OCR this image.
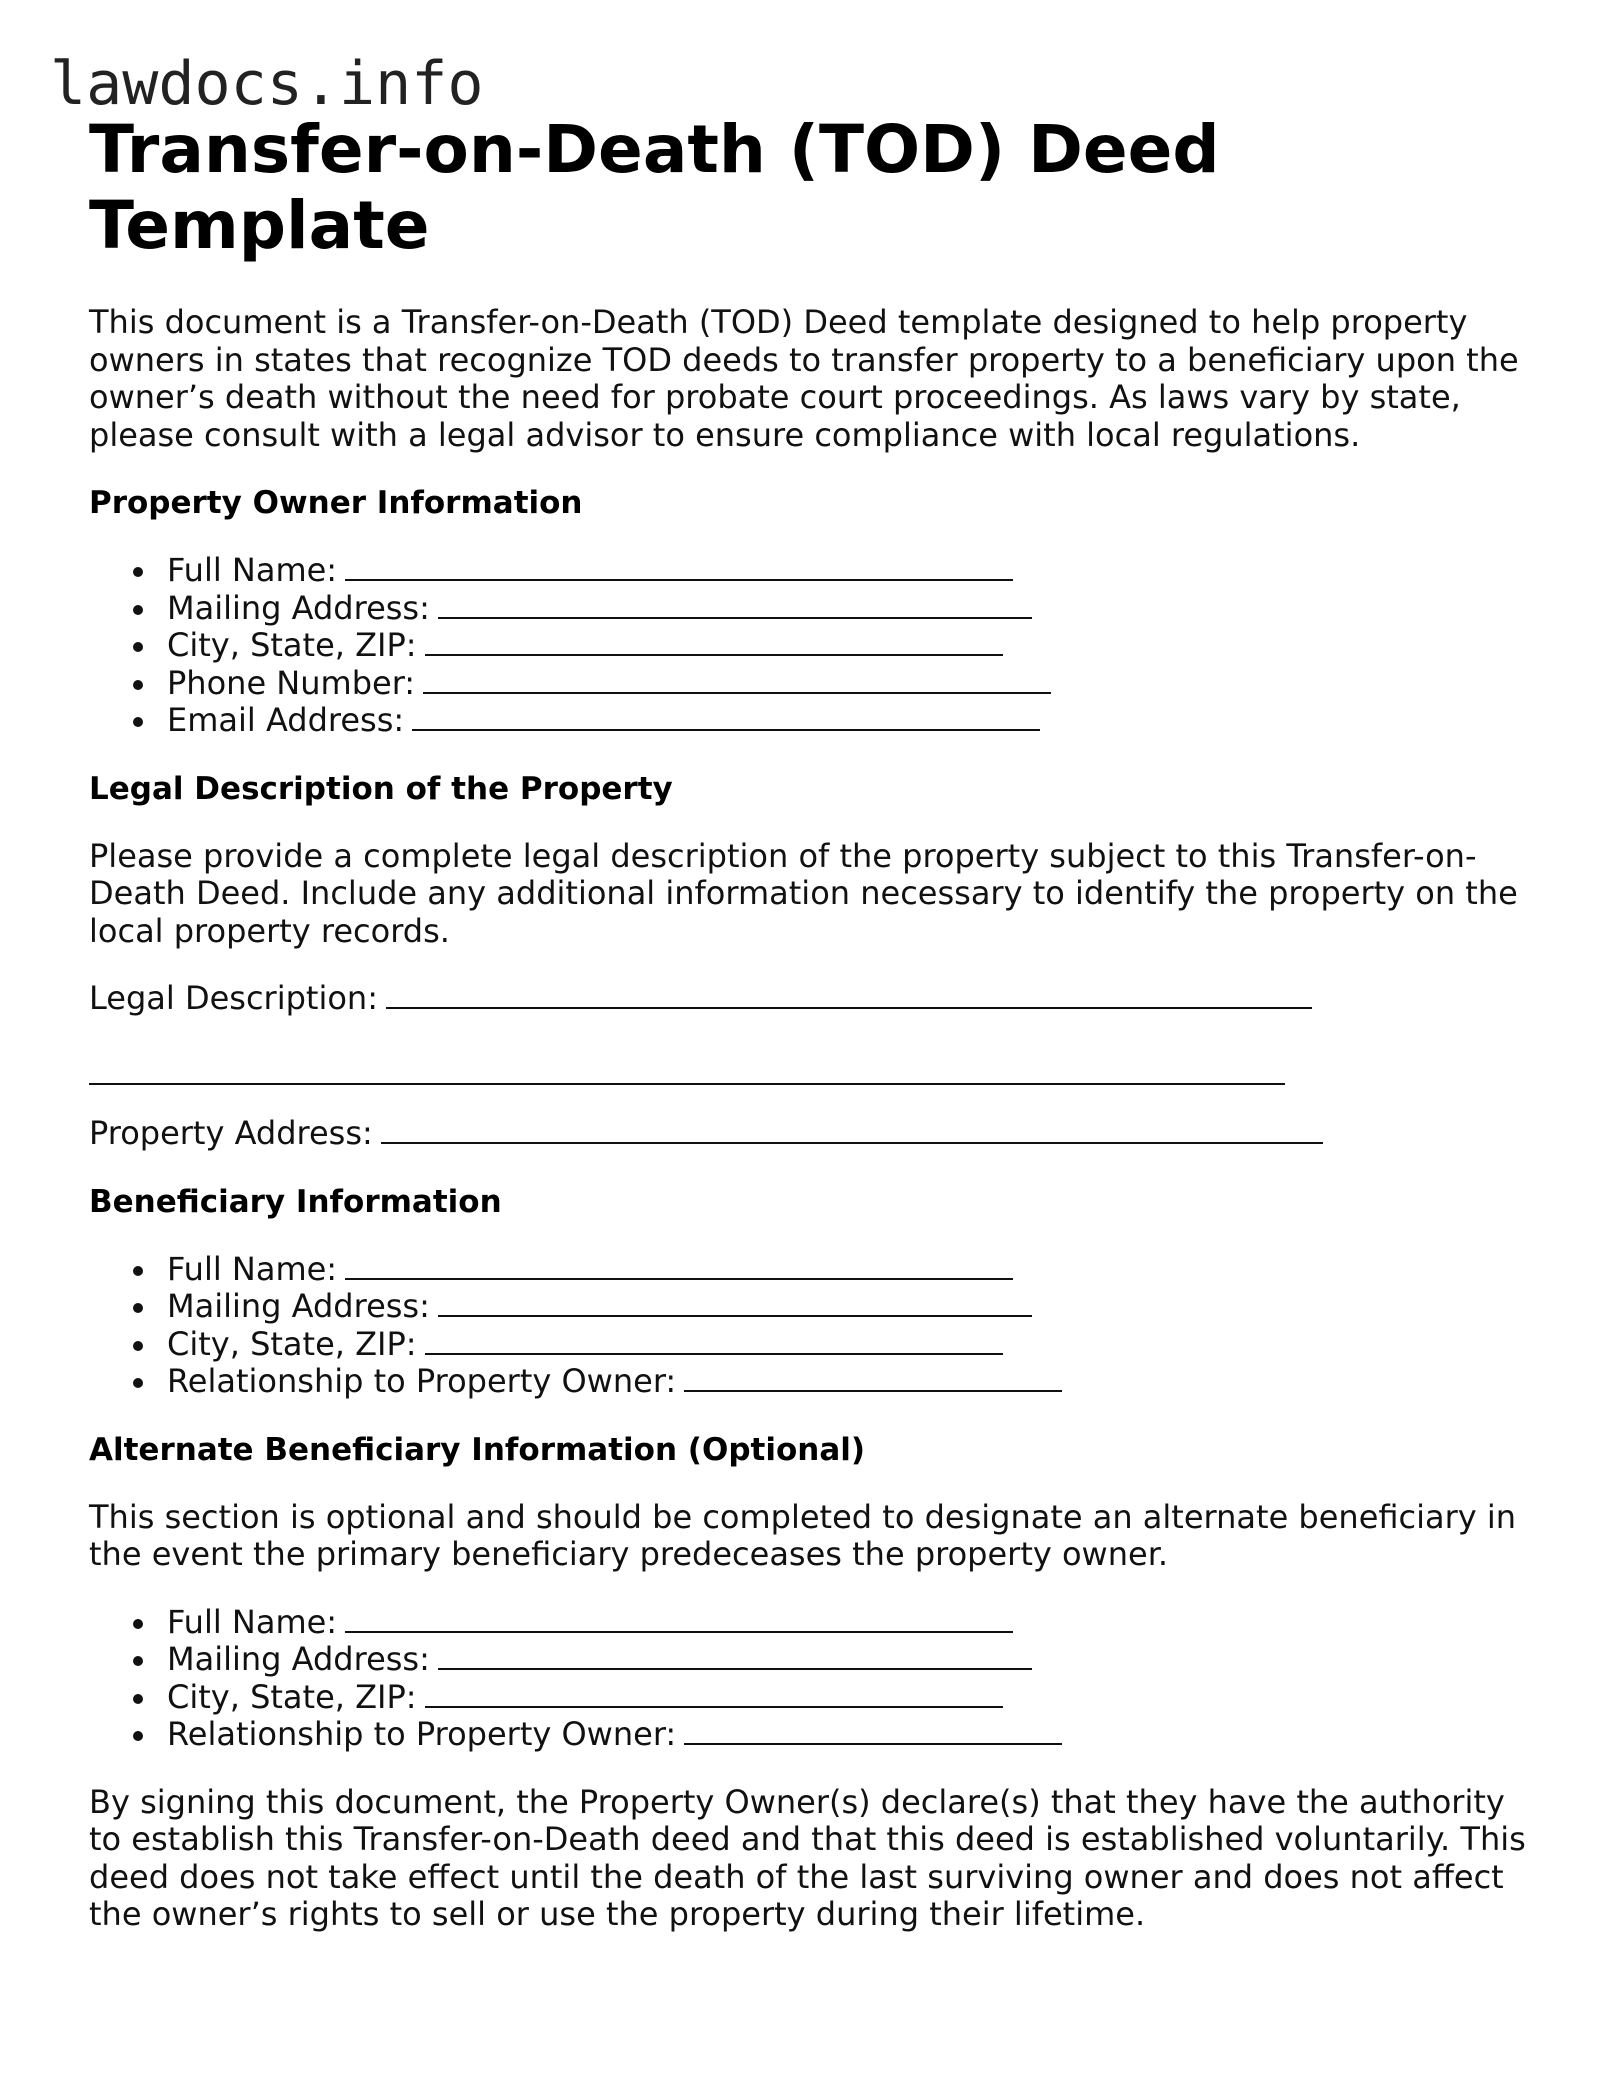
lawdocs.info
Transfer-on-Death (TOD) Deed Template

This document is a Transfer-on-Death (TOD) Deed template designed to help property owners in states that recognize TOD deeds to transfer property to a beneficiary upon the owner’s death without the need for probate court proceedings. As laws vary by state, please consult with a legal advisor to ensure compliance with local regulations.

Property Owner Information
Full Name:
Mailing Address:
City, State, ZIP:
Phone Number:
Email Address:
Legal Description of the Property

Please provide a complete legal description of the property subject to this Transfer-on-Death Deed. Include any additional information necessary to identify the property on the local property records.

Legal Description:
Property Address:
Beneficiary Information
Full Name:
Mailing Address:
City, State, ZIP:
Relationship to Property Owner:
Alternate Beneficiary Information (Optional)

This section is optional and should be completed to designate an alternate beneficiary in the event the primary beneficiary predeceases the property owner.

Full Name:
Mailing Address:
City, State, ZIP:
Relationship to Property Owner:

By signing this document, the Property Owner(s) declare(s) that they have the authority to establish this Transfer-on-Death deed and that this deed is established voluntarily. This deed does not take effect until the death of the last surviving owner and does not affect the owner’s rights to sell or use the property during their lifetime.
